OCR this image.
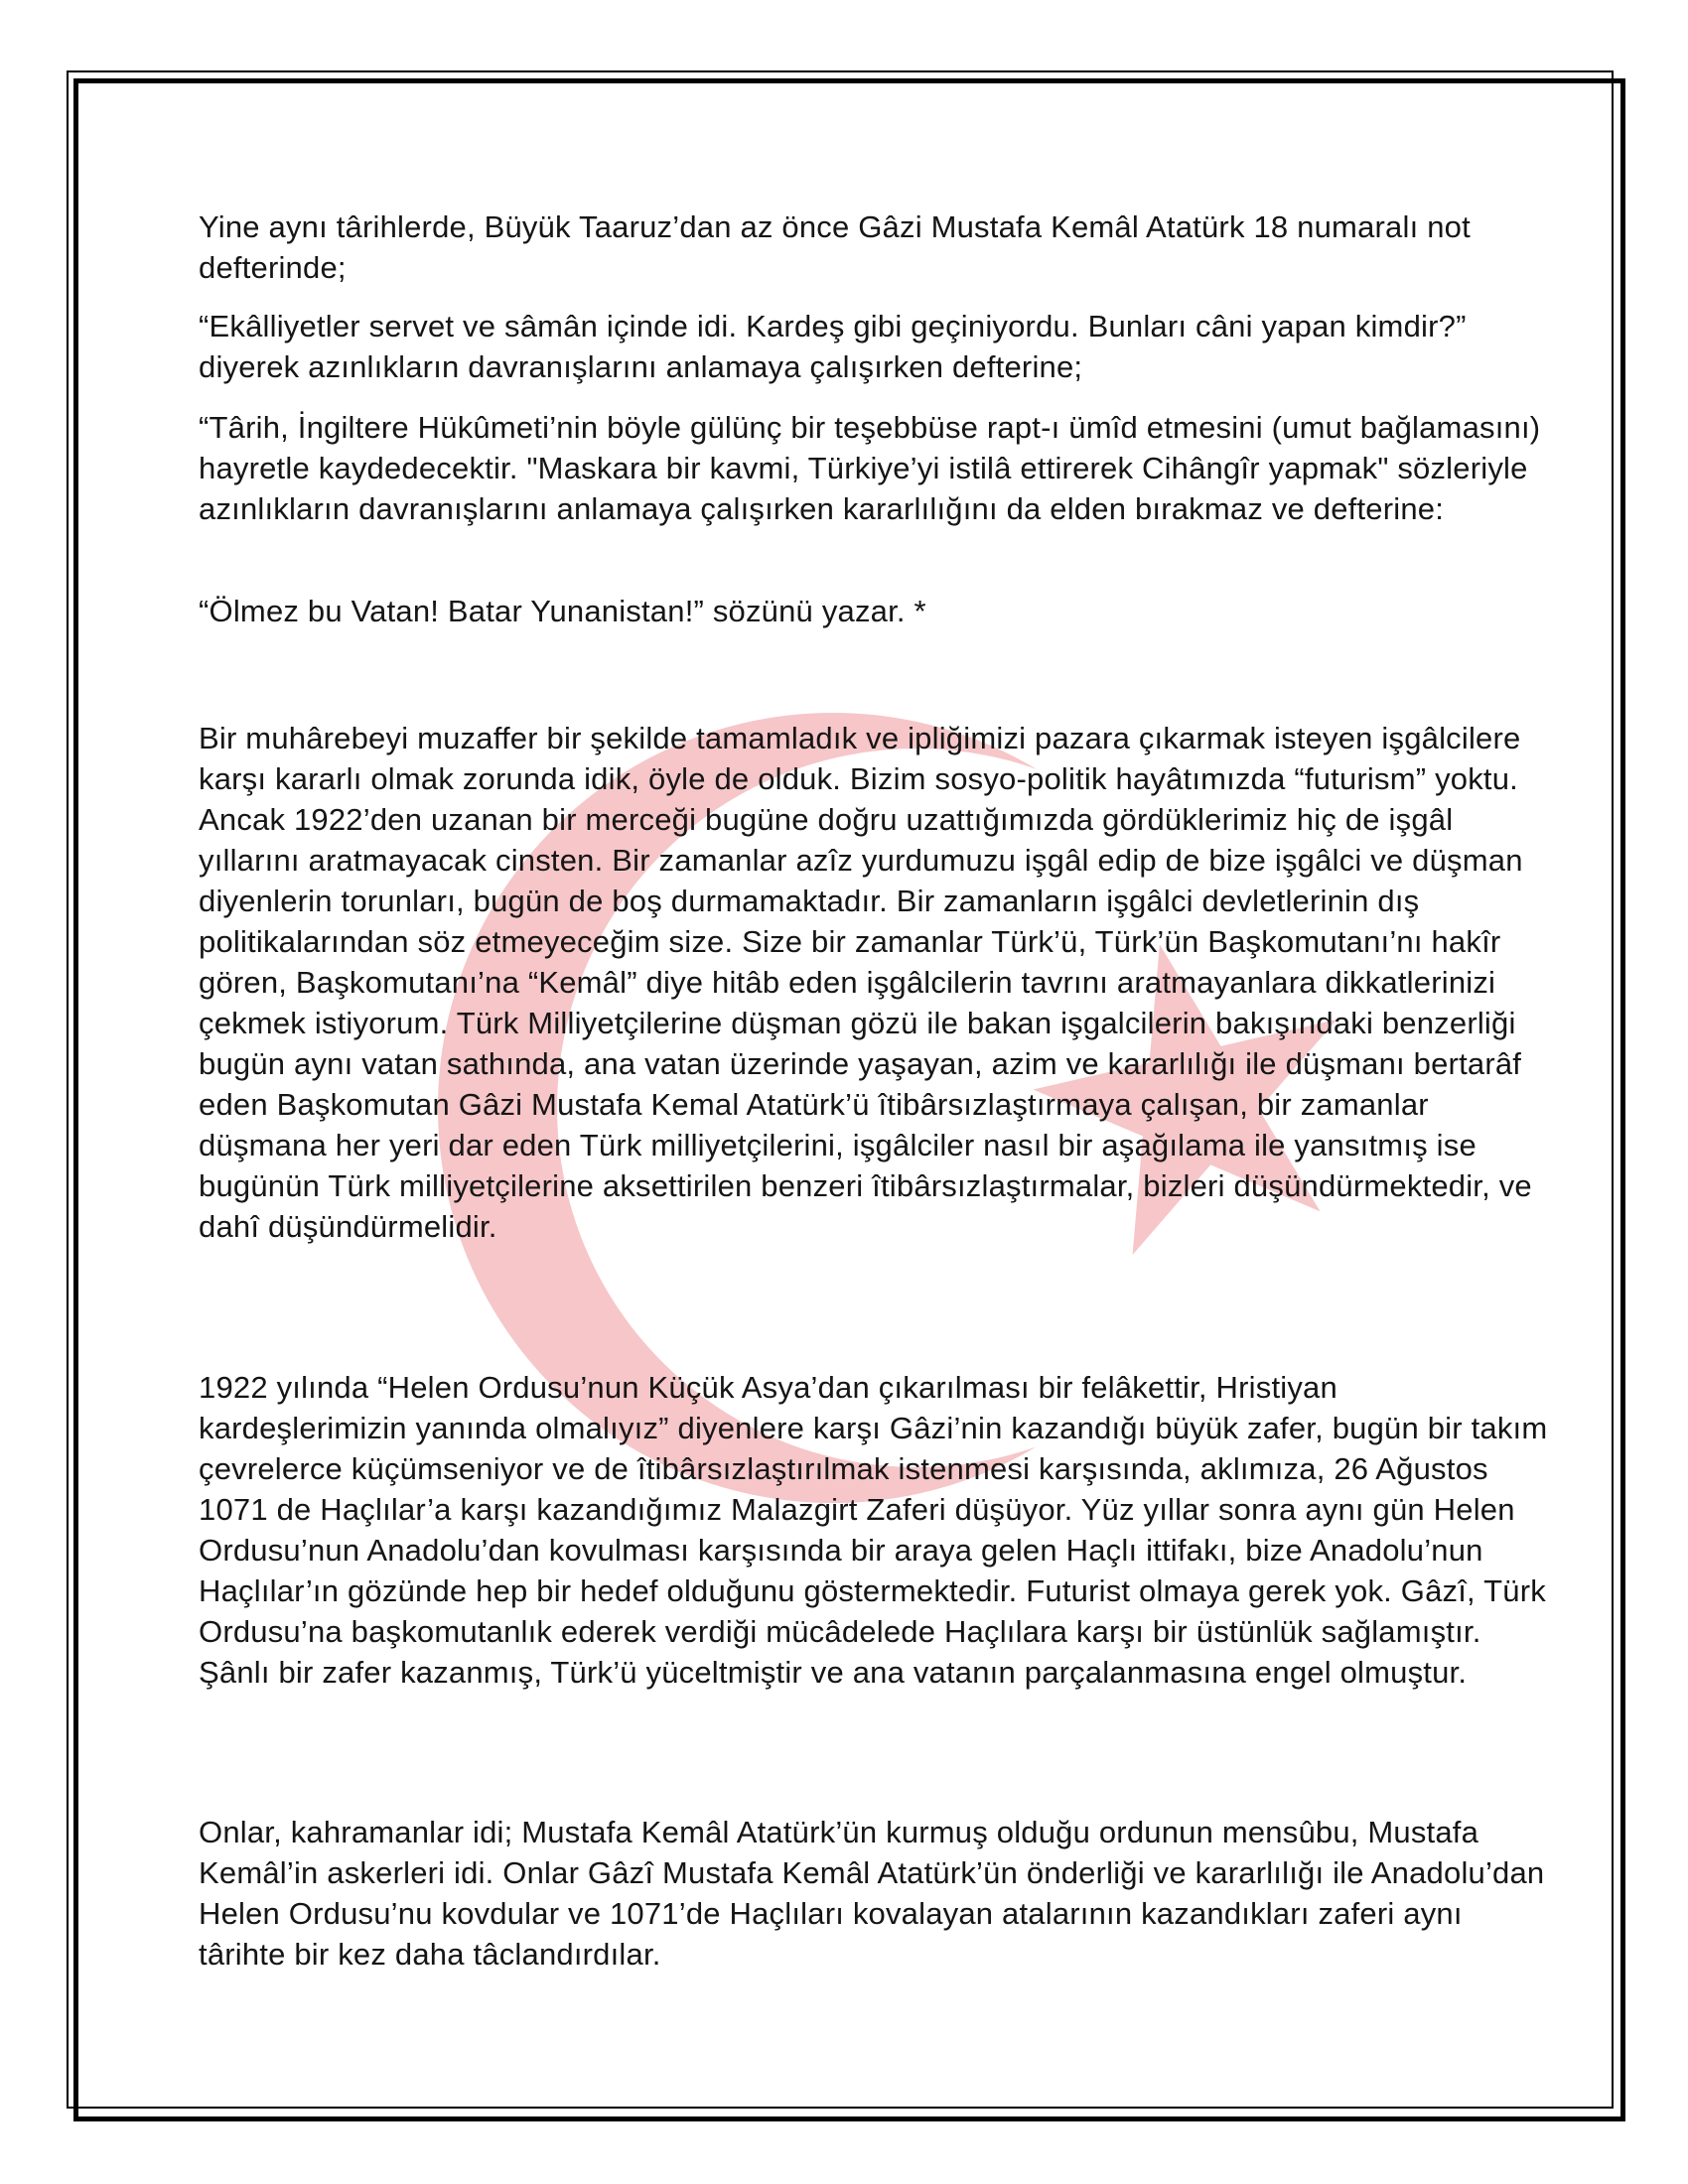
Yine aynı târihlerde, Büyük Taaruz’dan az önce Gâzi Mustafa Kemâl Atatürk 18 numaralı not defterinde;

“Ekâlliyetler servet ve sâmân içinde idi. Kardeş gibi geçiniyordu. Bunları câni yapan kimdir?” diyerek azınlıkların davranışlarını anlamaya çalışırken defterine;

“Târih, İngiltere Hükûmeti’nin böyle gülünç bir teşebbüse rapt-ı ümîd etmesini (umut bağlamasını) hayretle kaydedecektir. "Maskara bir kavmi, Türkiye’yi istilâ ettirerek Cihângîr yapmak" sözleriyle azınlıkların davranışlarını anlamaya çalışırken kararlılığını da elden bırakmaz ve defterine:

“Ölmez bu Vatan! Batar Yunanistan!” sözünü yazar. *

Bir muhârebeyi muzaffer bir şekilde tamamladık ve ipliğimizi pazara çıkarmak isteyen işgâlcilere karşı kararlı olmak zorunda idik, öyle de olduk. Bizim sosyo-politik hayâtımızda “futurism” yoktu. Ancak 1922’den uzanan bir merceği bugüne doğru uzattığımızda gördüklerimiz hiç de işgâl yıllarını aratmayacak cinsten. Bir zamanlar azîz yurdumuzu işgâl edip de bize işgâlci ve düşman diyenlerin torunları, bugün de boş durmamaktadır. Bir zamanların işgâlci devletlerinin dış politikalarından söz etmeyeceğim size. Size bir zamanlar Türk’ü, Türk’ün Başkomutanı’nı hakîr gören, Başkomutanı’na “Kemâl” diye hitâb eden işgâlcilerin tavrını aratmayanlara dikkatlerinizi çekmek istiyorum. Türk Milliyetçilerine düşman gözü ile bakan işgalcilerin bakışındaki benzerliği bugün aynı vatan sathında, ana vatan üzerinde yaşayan, azim ve kararlılığı ile düşmanı bertarâf eden Başkomutan Gâzi Mustafa Kemal Atatürk’ü îtibârsızlaştırmaya çalışan, bir zamanlar düşmana her yeri dar eden Türk milliyetçilerini, işgâlciler nasıl bir aşağılama ile yansıtmış ise bugünün Türk milliyetçilerine aksettirilen benzeri îtibârsızlaştırmalar, bizleri düşündürmektedir, ve dahî düşündürmelidir.

1922 yılında “Helen Ordusu’nun Küçük Asya’dan çıkarılması bir felâkettir, Hristiyan kardeşlerimizin yanında olmalıyız” diyenlere karşı Gâzi’nin kazandığı büyük zafer, bugün bir takım çevrelerce küçümseniyor ve de îtibârsızlaştırılmak istenmesi karşısında, aklımıza, 26 Ağustos 1071 de Haçlılar’a karşı kazandığımız Malazgirt Zaferi düşüyor. Yüz yıllar sonra aynı gün Helen Ordusu’nun Anadolu’dan kovulması karşısında bir araya gelen Haçlı ittifakı, bize Anadolu’nun Haçlılar’ın gözünde hep bir hedef olduğunu göstermektedir. Futurist olmaya gerek yok. Gâzî, Türk Ordusu’na başkomutanlık ederek verdiği mücâdelede Haçlılara karşı bir üstünlük sağlamıştır. Şânlı bir zafer kazanmış, Türk’ü yüceltmiştir ve ana vatanın parçalanmasına engel olmuştur.

Onlar, kahramanlar idi; Mustafa Kemâl Atatürk’ün kurmuş olduğu ordunun mensûbu, Mustafa Kemâl’in askerleri idi. Onlar Gâzî Mustafa Kemâl Atatürk’ün önderliği ve kararlılığı ile Anadolu’dan Helen Ordusu’nu kovdular ve 1071’de Haçlıları kovalayan atalarının kazandıkları zaferi aynı târihte bir kez daha tâclandırdılar.
